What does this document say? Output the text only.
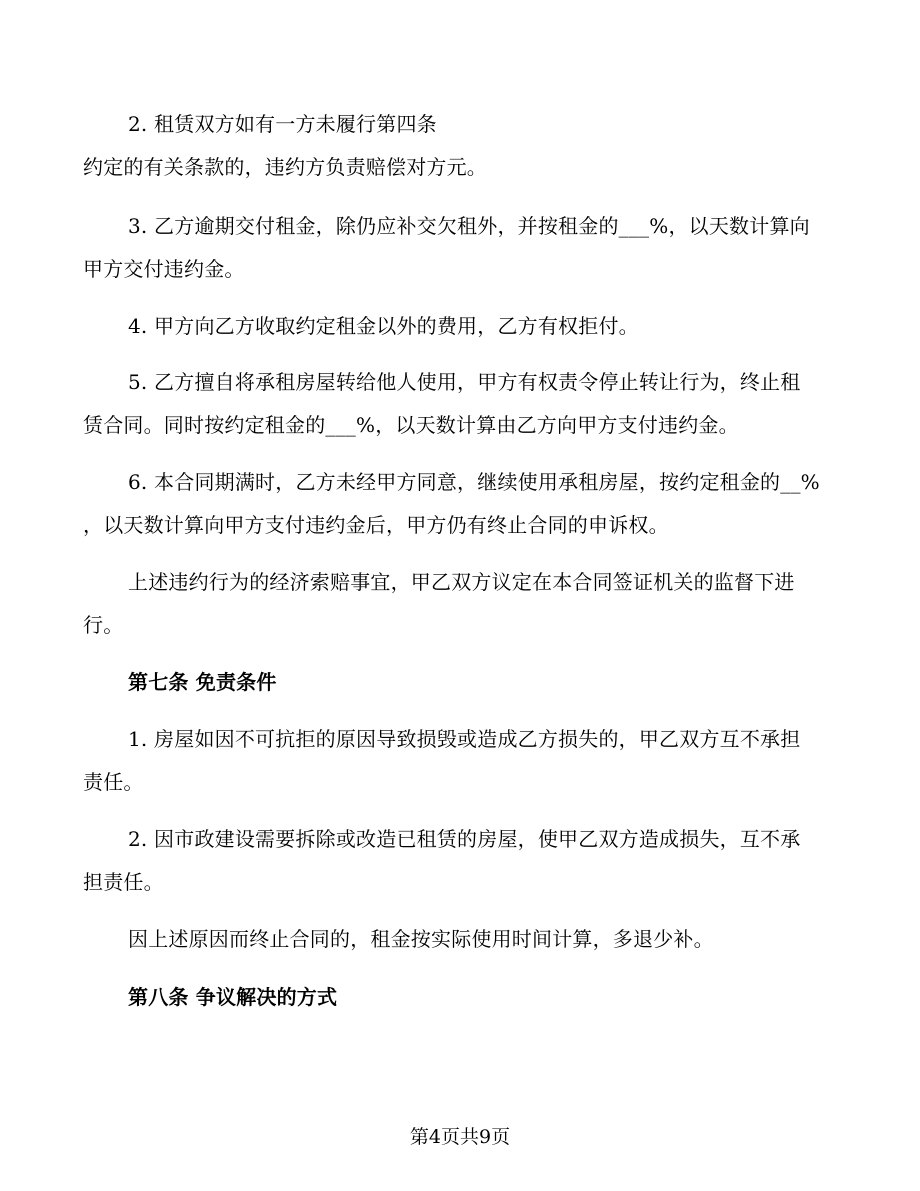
2. 租赁双方如有一方未履行第四条
约定的有关条款的，违约方负责赔偿对方元。
3. 乙方逾期交付租金，除仍应补交欠租外，并按租金的___%，以天数计算向
甲方交付违约金。
4. 甲方向乙方收取约定租金以外的费用，乙方有权拒付。
5. 乙方擅自将承租房屋转给他人使用，甲方有权责令停止转让行为，终止租
赁合同。同时按约定租金的___%，以天数计算由乙方向甲方支付违约金。
6. 本合同期满时，乙方未经甲方同意，继续使用承租房屋，按约定租金的__%
，以天数计算向甲方支付违约金后，甲方仍有终止合同的申诉权。
上述违约行为的经济索赔事宜，甲乙双方议定在本合同签证机关的监督下进
行。
第七条 免责条件
1. 房屋如因不可抗拒的原因导致损毁或造成乙方损失的，甲乙双方互不承担
责任。
2. 因市政建设需要拆除或改造已租赁的房屋，使甲乙双方造成损失，互不承
担责任。
因上述原因而终止合同的，租金按实际使用时间计算，多退少补。
第八条 争议解决的方式
第4页共9页
